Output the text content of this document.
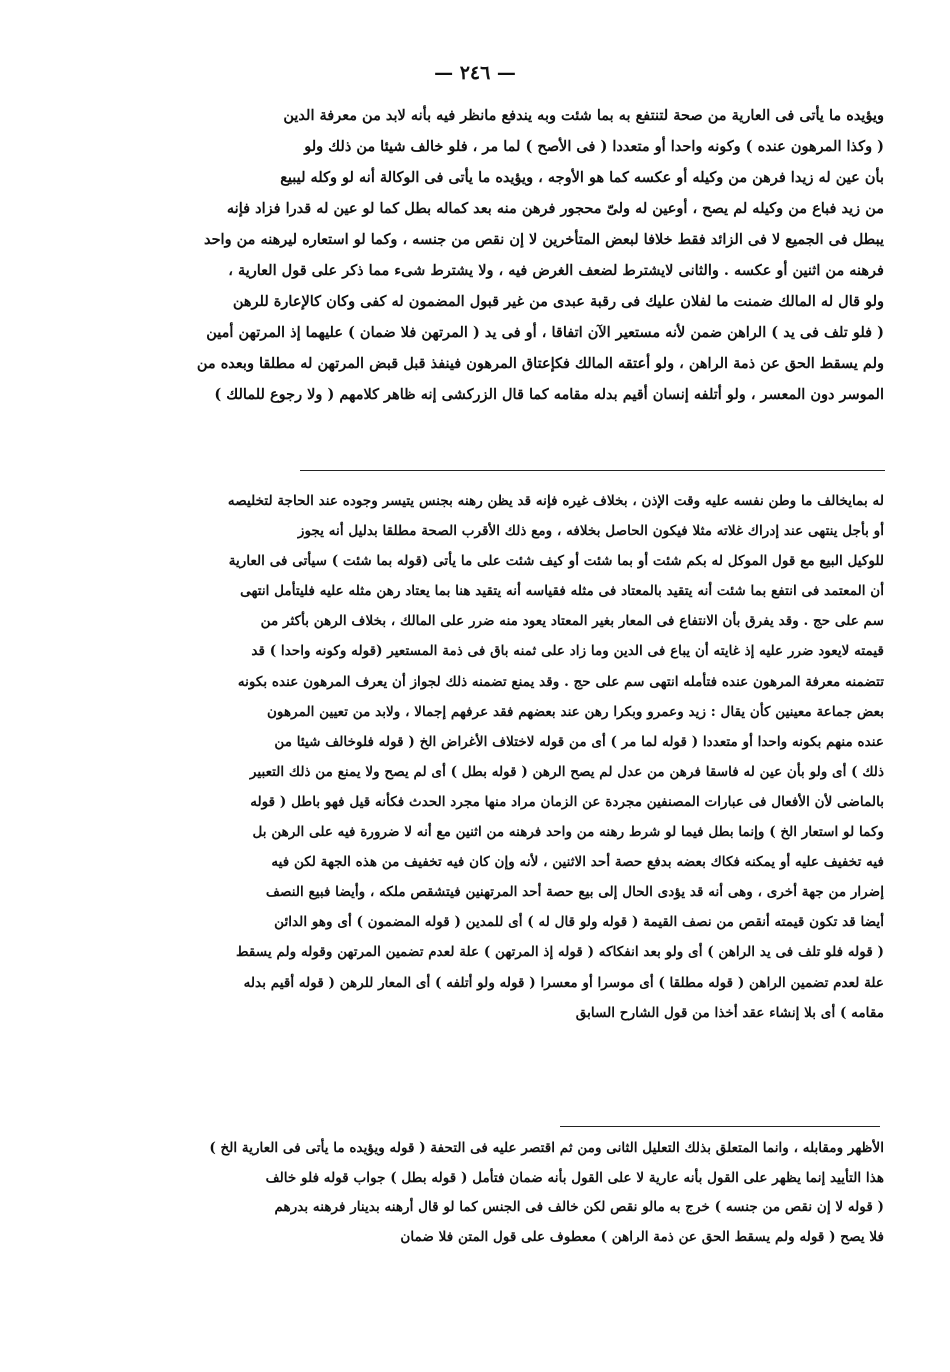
— ٢٤٦ —
ويؤيده ما يأتى فى العارية من صحة لتنتفع به بما شئت وبه يندفع مانظر فيه بأنه لابد من معرفة الدين
( وكذا المرهون عنده ) وكونه واحدا أو متعددا ( فى الأصح ) لما مر ، فلو خالف شيئا من ذلك ولو
بأن عين له زيدا فرهن من وكيله أو عكسه كما هو الأوجه ، ويؤيده ما يأتى فى الوكالة أنه لو وكله ليبيع
من زيد فباع من وكيله لم يصح ، أوعين له ولىّ محجور فرهن منه بعد كماله بطل كما لو عين له قدرا فزاد فإنه
يبطل فى الجميع لا فى الزائد فقط خلافا لبعض المتأخرين لا إن نقص من جنسه ، وكما لو استعاره ليرهنه من واحد
فرهنه من اثنين أو عكسه . والثانى لايشترط لضعف الغرض فيه ، ولا يشترط شىء مما ذكر على قول العارية ،
ولو قال له المالك ضمنت ما لفلان عليك فى رقبة عبدى من غير قبول المضمون له كفى وكان كالإعارة للرهن
( فلو تلف فى يد ) الراهن ضمن لأنه مستعير الآن اتفاقا ، أو فى يد ( المرتهن فلا ضمان ) عليهما إذ المرتهن أمين
ولم يسقط الحق عن ذمة الراهن ، ولو أعتقه المالك فكإعتاق المرهون فينفذ قبل قبض المرتهن له مطلقا وبعده من
الموسر دون المعسر ، ولو أتلفه إنسان أقيم بدله مقامه كما قال الزركشى إنه ظاهر كلامهم ( ولا رجوع للمالك )
له بمايخالف ما وطن نفسه عليه وقت الإذن ، بخلاف غيره فإنه قد يظن رهنه بجنس يتيسر وجوده عند الحاجة لتخليصه
أو بأجل ينتهى عند إدراك غلاته مثلا فيكون الحاصل بخلافه ، ومع ذلك الأقرب الصحة مطلقا بدليل أنه يجوز
للوكيل البيع مع قول الموكل له بكم شئت أو بما شئت أو كيف شئت على ما يأتى (قوله بما شئت ) سيأتى فى العارية
أن المعتمد فى انتفع بما شئت أنه يتقيد بالمعتاد فى مثله فقياسه أنه يتقيد هنا بما يعتاد رهن مثله عليه فليتأمل انتهى
سم على حج . وقد يفرق بأن الانتفاع فى المعار بغير المعتاد يعود منه ضرر على المالك ، بخلاف الرهن بأكثر من
قيمته لايعود ضرر عليه إذ غايته أن يباع فى الدين وما زاد على ثمنه باق فى ذمة المستعير (قوله وكونه واحدا ) قد
تتضمنه معرفة المرهون عنده فتأمله انتهى سم على حج . وقد يمنع تضمنه ذلك لجواز أن يعرف المرهون عنده بكونه
بعض جماعة معينين كأن يقال : زيد وعمرو وبكرا رهن عند بعضهم فقد عرفهم إجمالا ، ولابد من تعيين المرهون
عنده منهم بكونه واحدا أو متعددا ( قوله لما مر ) أى من قوله لاختلاف الأغراض الخ ( قوله فلوخالف شيئا من
ذلك ) أى ولو بأن عين له فاسقا فرهن من عدل لم يصح الرهن ( قوله بطل ) أى لم يصح ولا يمنع من ذلك التعبير
بالماضى لأن الأفعال فى عبارات المصنفين مجردة عن الزمان مراد منها مجرد الحدث فكأنه قيل فهو باطل ( قوله
وكما لو استعار الخ ) وإنما بطل فيما لو شرط رهنه من واحد فرهنه من اثنين مع أنه لا ضرورة فيه على الرهن بل
فيه تخفيف عليه أو يمكنه فكاك بعضه بدفع حصة أحد الاثنين ، لأنه وإن كان فيه تخفيف من هذه الجهة لكن فيه
إضرار من جهة أخرى ، وهى أنه قد يؤدى الحال إلى بيع حصة أحد المرتهنين فيتشقص ملكه ، وأيضا فبيع النصف
أيضا قد تكون قيمته أنقص من نصف القيمة ( قوله ولو قال له ) أى للمدين ( قوله المضمون ) أى وهو الدائن
( قوله فلو تلف فى يد الراهن ) أى ولو بعد انفكاكه ( قوله إذ المرتهن ) علة لعدم تضمين المرتهن وقوله ولم يسقط
علة لعدم تضمين الراهن ( قوله مطلقا ) أى موسرا أو معسرا ( قوله ولو أتلفه ) أى المعار للرهن ( قوله أقيم بدله
مقامه ) أى بلا إنشاء عقد أخذا من قول الشارح السابق
الأظهر ومقابله ، وانما المتعلق بذلك التعليل الثانى ومن ثم اقتصر عليه فى التحفة ( قوله ويؤيده ما يأتى فى العارية الخ )
هذا التأييد إنما يظهر على القول بأنه عارية لا على القول بأنه ضمان فتأمل ( قوله بطل ) جواب قوله فلو خالف
( قوله لا إن نقص من جنسه ) خرج به مالو نقص لكن خالف فى الجنس كما لو قال أرهنه بدينار فرهنه بدرهم
فلا يصح ( قوله ولم يسقط الحق عن ذمة الراهن ) معطوف على قول المتن فلا ضمان
